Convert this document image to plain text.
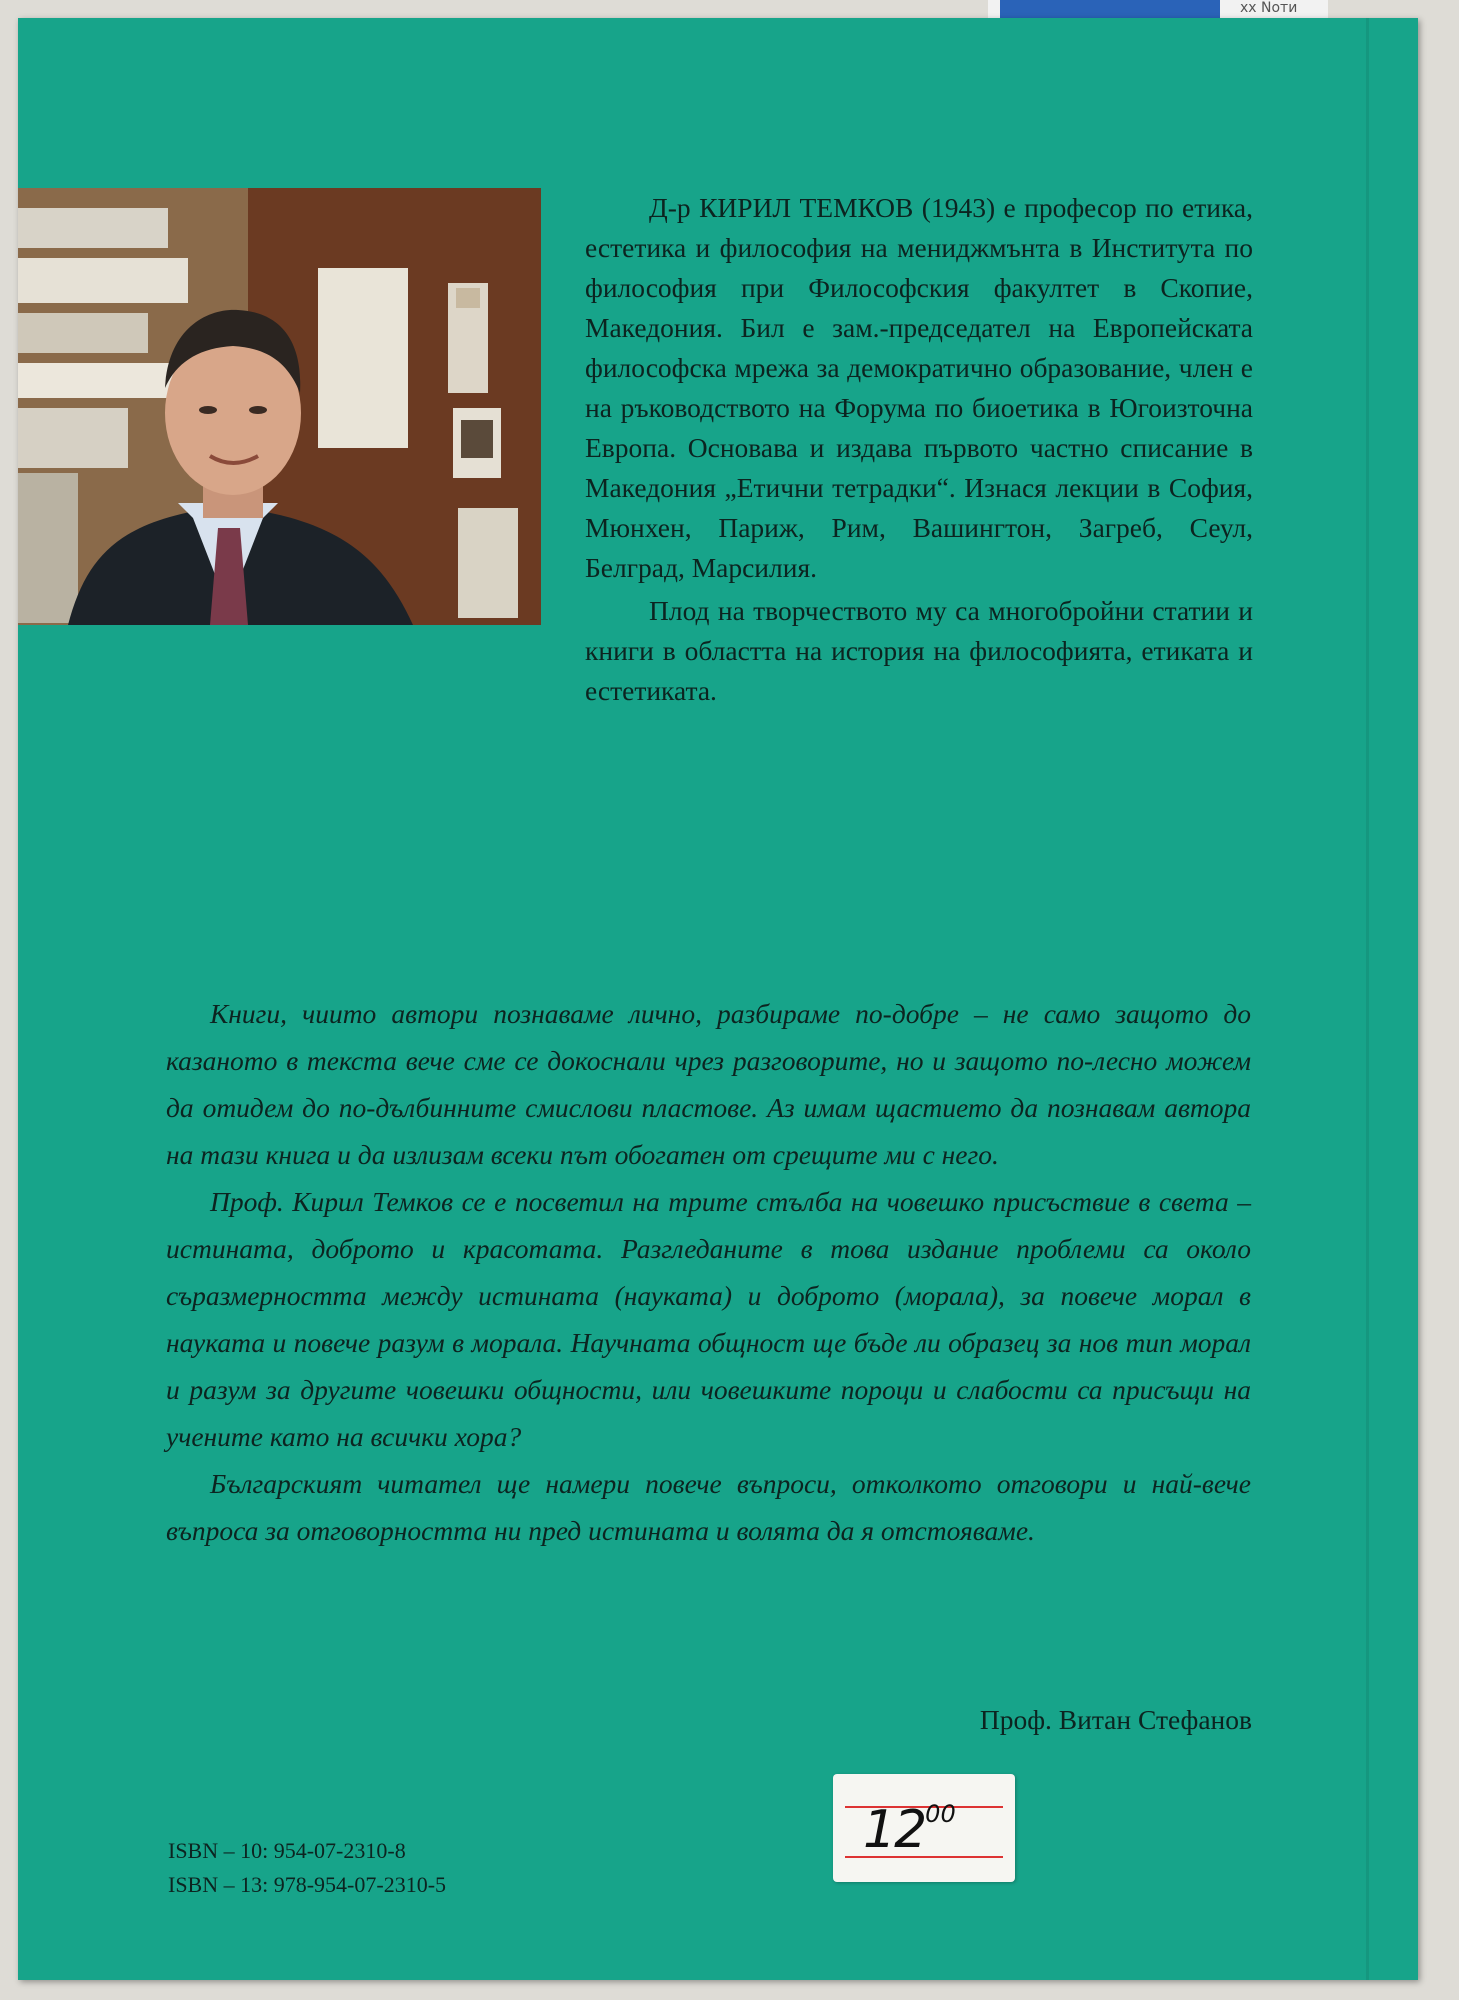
xx Nоти

Д-р КИРИЛ ТЕМКОВ (1943) е професор по етика, естетика и философия на мениджмънта в Института по философия при Философския факултет в Скопие, Македония. Бил е зам.-председател на Европейската философска мрежа за демократично образование, член е на ръководството на Форума по биоетика в Югоизточна Европа. Основава и издава първото частно списание в Македония „Етични тетрадки“. Изнася лекции в София, Мюнхен, Париж, Рим, Вашингтон, Загреб, Сеул, Белград, Марсилия.

Плод на творчеството му са многобройни статии и книги в областта на история на философията, етиката и естетиката.

Книги, чиито автори познаваме лично, разбираме по-добре – не само защото до казаното в текста вече сме се докоснали чрез разговорите, но и защото по-лесно можем да отидем до по-дълбинните смислови пластове. Аз имам щастието да познавам автора на тази книга и да излизам всеки път обогатен от срещите ми с него.

Проф. Кирил Темков се е посветил на трите стълба на човешко присъствие в света – истината, доброто и красотата. Разгледаните в това издание проблеми са около съразмерността между истината (науката) и доброто (морала), за повече морал в науката и повече разум в морала. Научната общност ще бъде ли образец за нов тип морал и разум за другите човешки общности, или човешките пороци и слабости са присъщи на учените като на всички хора?

Българският читател ще намери повече въпроси, отколкото отговори и най-вече въпроса за отговорността ни пред истината и волята да я отстояваме.

Проф. Витан Стефанов
ISBN – 10: 954-07-2310-8
ISBN – 13: 978-954-07-2310-5
$12^{00}$
